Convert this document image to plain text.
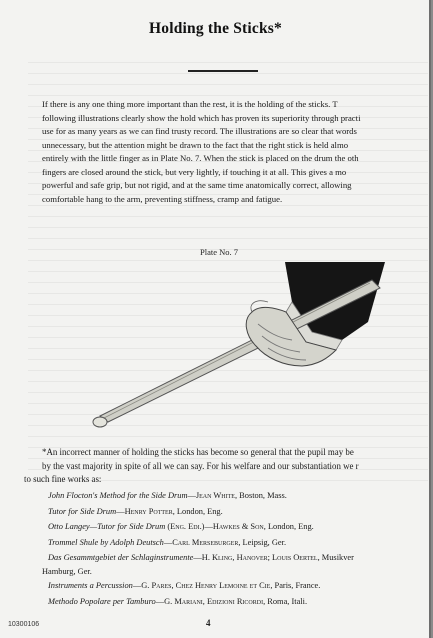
Holding the Sticks*

If there is any one thing more important than the rest, it is the holding of the sticks. T
following illustrations clearly show the hold which has proven its superiority through practi
use for as many years as we can find trusty record. The illustrations are so clear that words
unnecessary, but the attention might be drawn to the fact that the right stick is held almo
entirely with the little finger as in Plate No. 7. When the stick is placed on the drum the oth
fingers are closed around the stick, but very lightly, if touching it at all. This gives a mo
powerful and safe grip, but not rigid, and at the same time anatomically correct, allowing
comfortable hang to the arm, preventing stiffness, cramp and fatigue.

Plate No. 7

*An incorrect manner of holding the sticks has become so general that the pupil may be
by the vast majority in spite of all we can say. For his welfare and our substantiation we r
to such fine works as:

John Flocton's Method for the Side Drum—Jean White, Boston, Mass.
Tutor for Side Drum—Henry Potter, London, Eng.
Otto Langey—Tutor for Side Drum (Eng. Edi.)—Hawkes & Son, London, Eng.
Trommel Shule by Adolph Deutsch—Carl Merseburger, Leipsig, Ger.
Das Gesammtgebiet der Schlaginstrumente—H. Kling, Hanover; Louis Oertel, Musikver
Hamburg, Ger.
Instruments a Percussion—G. Pares, Chez Henry Lemoine et Cie, Paris, France.
Methodo Popolare per Tamburo—G. Mariani, Edizioni Ricordi, Roma, Itali.
10300106	4
